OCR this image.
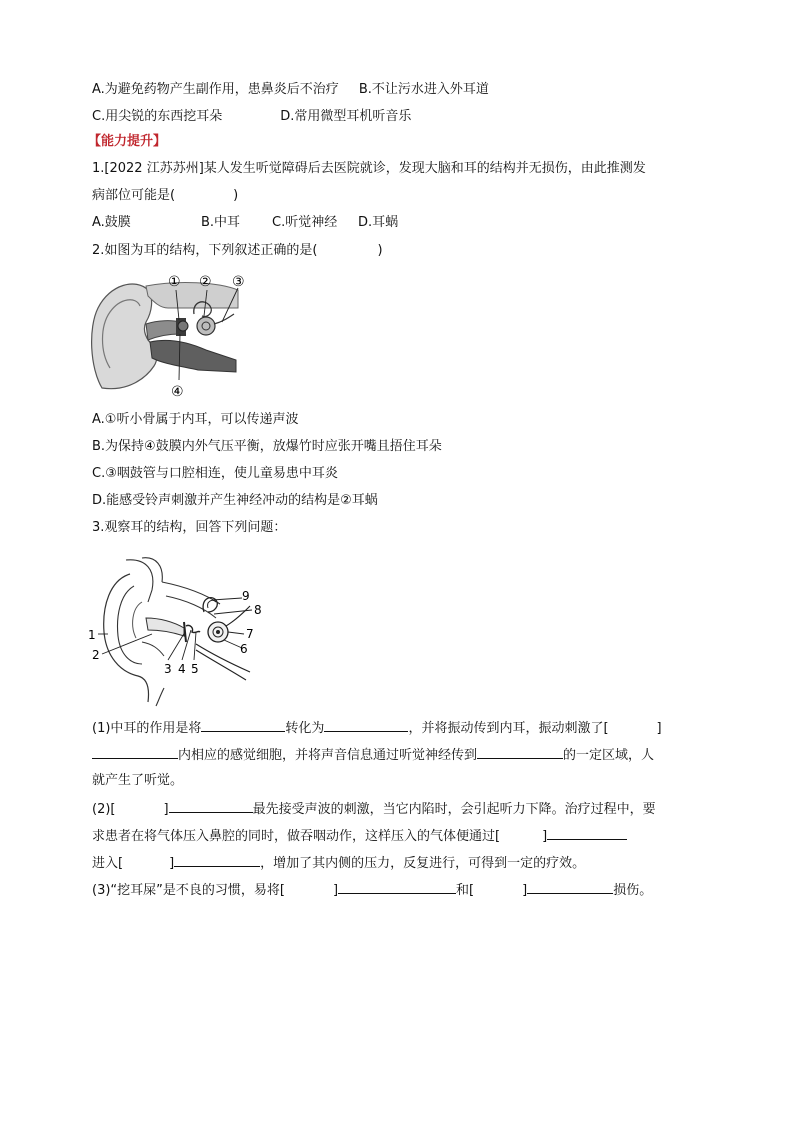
A.为避免药物产生副作用，患鼻炎后不治疗 B.不让污水进入外耳道
C.用尖锐的东西挖耳朵	D.常用微型耳机听音乐
【能力提升】
1.[2022 江苏苏州]某人发生听觉障碍后去医院就诊，发现大脑和耳的结构并无损伤，由此推测发
病部位可能是(	)
A.鼓膜	B.中耳 C.听觉神经 D.耳蜗
2.如图为耳的结构，下列叙述正确的是(	)
① ② ③
④
A.①听小骨属于内耳，可以传递声波
B.为保持④鼓膜内外气压平衡，放爆竹时应张开嘴且捂住耳朵
C.③咽鼓管与口腔相连，使儿童易患中耳炎
D.能感受铃声刺激并产生神经冲动的结构是②耳蜗
3.观察耳的结构，回答下列问题：
1
2
3 4 5
6
7
8
9
(1)中耳的作用是将	转化为	，并将振动传到内耳，振动刺激了[	]
内相应的感觉细胞，并将声音信息通过听觉神经传到	的一定区域，人
就产生了听觉。
(2)[	]	最先接受声波的刺激，当它内陷时，会引起听力下降。治疗过程中，要
求患者在将气体压入鼻腔的同时，做吞咽动作，这样压入的气体便通过[	]
进入[	]	，增加了其内侧的压力，反复进行，可得到一定的疗效。
(3)“挖耳屎”是不良的习惯，易将[	]	和[	]	损伤。
